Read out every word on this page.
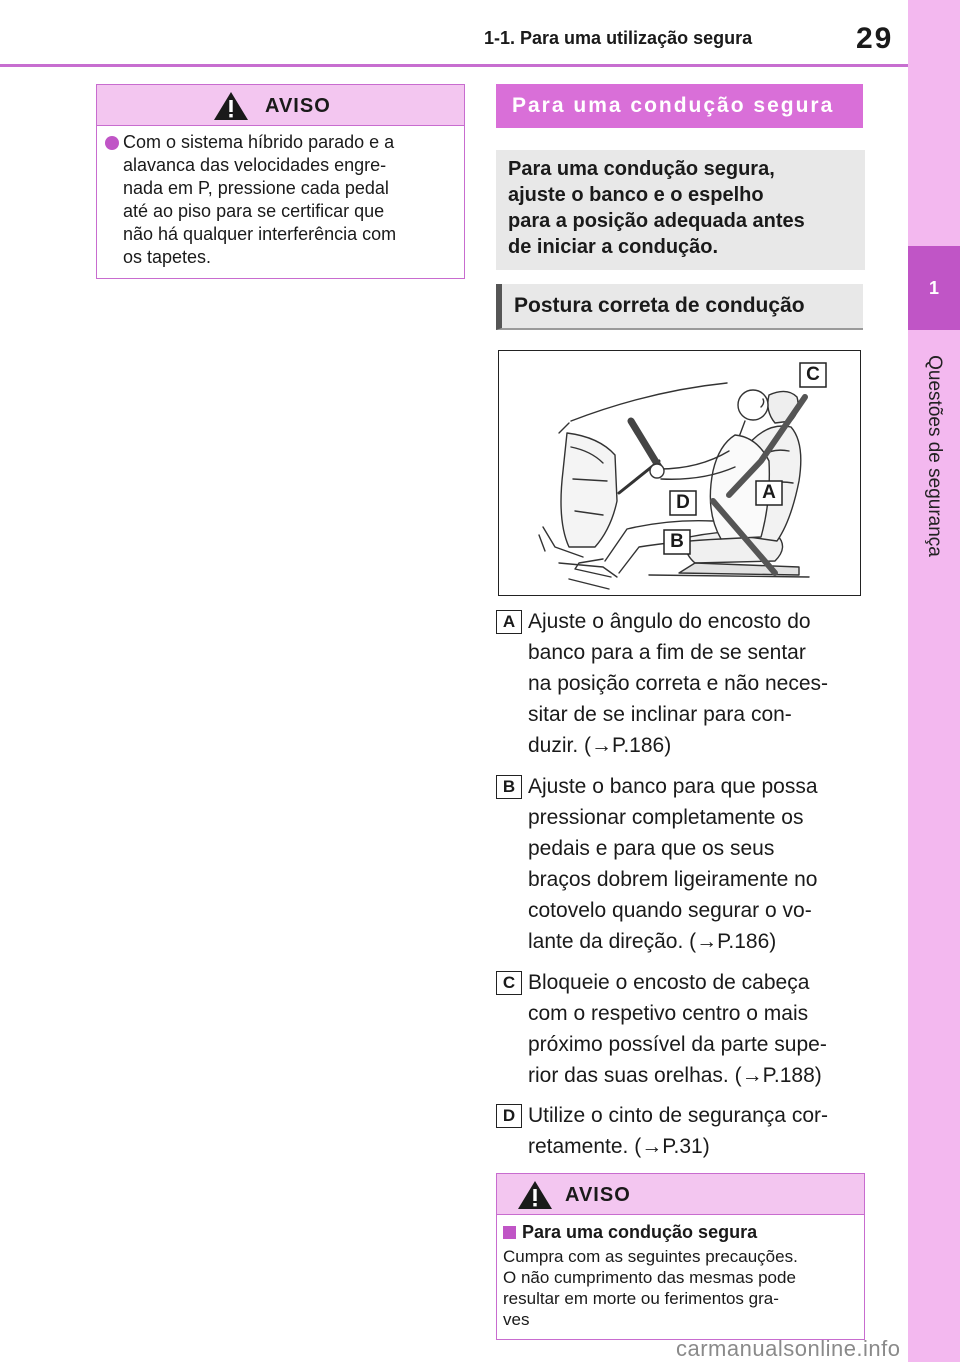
1-1. Para uma utilização segura	29
1
Questões de segurança
AVISO
Com o sistema híbrido parado e a
alavanca das velocidades engre-
nada em P, pressione cada pedal
até ao piso para se certificar que
não há qualquer interferência com
os tapetes.
Para uma condução segura
Para uma condução segura,
ajuste o banco e o espelho
para a posição adequada antes
de iniciar a condução.
Postura correta de condução
C
A
D
B
A Ajuste o ângulo do encosto do
banco para a fim de se sentar
na posição correta e não neces-
sitar de se inclinar para con-
duzir. (→P.186)
B Ajuste o banco para que possa
pressionar completamente os
pedais e para que os seus
braços dobrem ligeiramente no
cotovelo quando segurar o vo-
lante da direção. (→P.186)
C Bloqueie o encosto de cabeça
com o respetivo centro o mais
próximo possível da parte supe-
rior das suas orelhas. (→P.188)
D Utilize o cinto de segurança cor-
retamente. (→P.31)
AVISO
Para uma condução segura
Cumpra com as seguintes precauções.
O não cumprimento das mesmas pode
resultar em morte ou ferimentos gra-
ves
carmanualsonline.info
